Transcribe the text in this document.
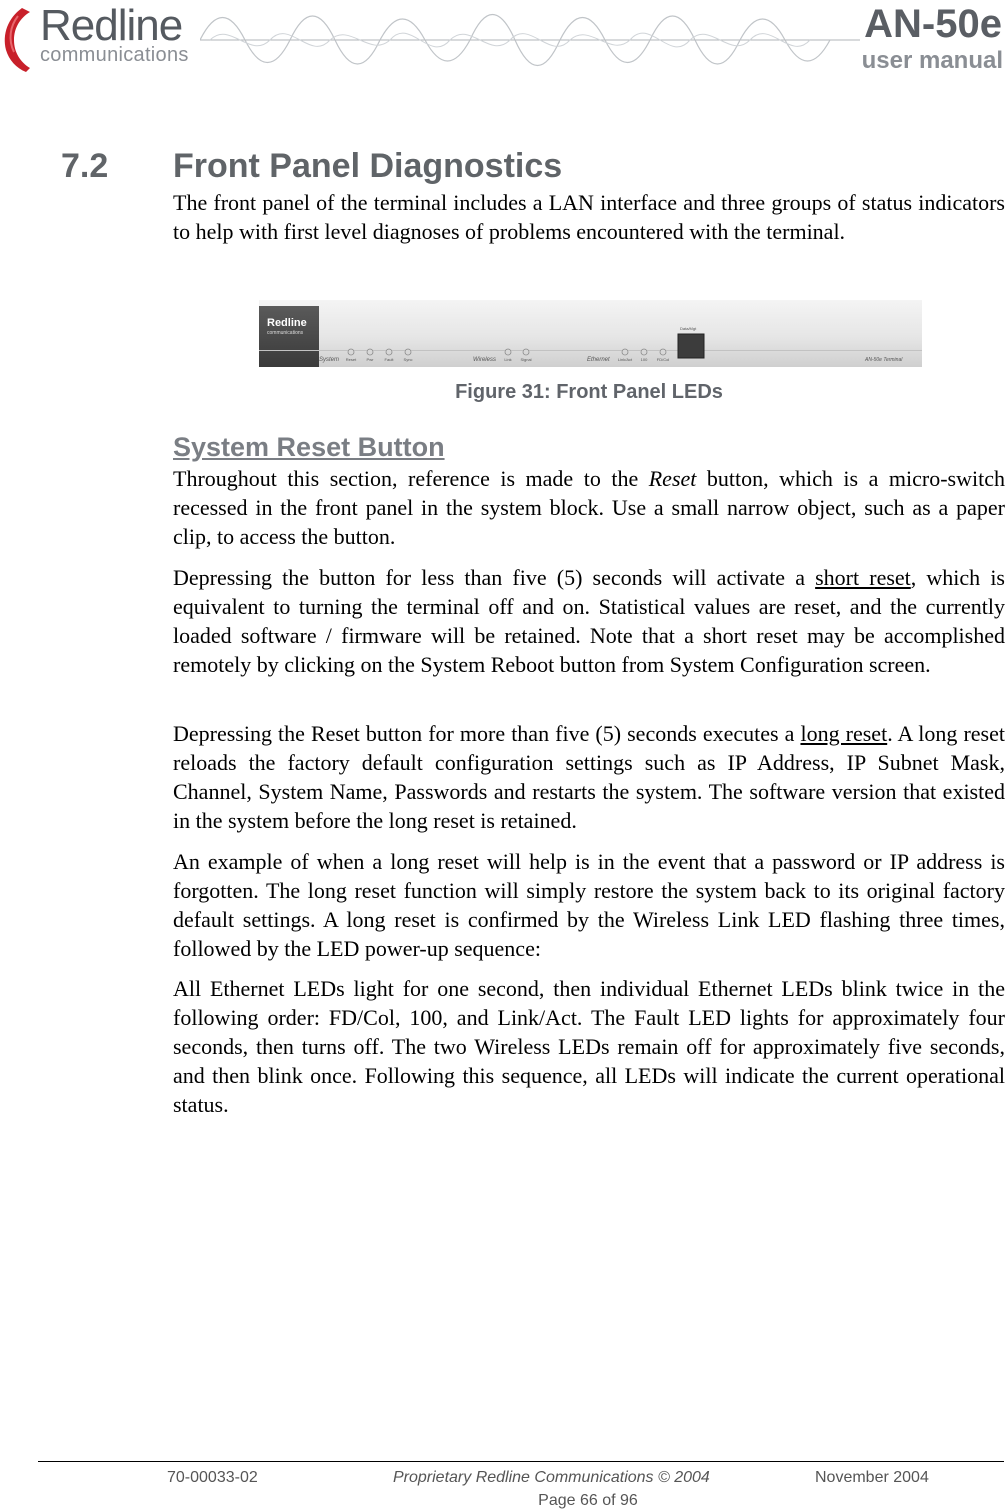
Redline
communications
AN-50e
user manual
7.2 Front Panel Diagnostics
The front panel of the terminal includes a LAN interface and three groups of status indicators to help with first level diagnoses of problems encountered with the terminal.
Redline
communications
System	Wireless	Ethernet
Data/Mgt
AN-50e Terminal
Reset	Pwr	Fault	Sync	Link Signal	Link/Act 100 FD/Col
Figure 31: Front Panel LEDs
System Reset Button

Throughout this section, reference is made to the Reset button, which is a micro-switch recessed in the front panel in the system block. Use a small narrow object, such as a paper clip, to access the button.

Depressing the button for less than five (5) seconds will activate a short reset, which is equivalent to turning the terminal off and on. Statistical values are reset, and the currently loaded software / firmware will be retained. Note that a short reset may be accomplished remotely by clicking on the System Reboot button from System Configuration screen.

Depressing the Reset button for more than five (5) seconds executes a long reset. A long reset reloads the factory default configuration settings such as IP Address, IP Subnet Mask, Channel, System Name, Passwords and restarts the system. The software version that existed in the system before the long reset is retained.

An example of when a long reset will help is in the event that a password or IP address is forgotten. The long reset function will simply restore the system back to its original factory default settings. A long reset is confirmed by the Wireless Link LED flashing three times, followed by the LED power-up sequence:
All Ethernet LEDs light for one second, then individual Ethernet LEDs blink twice in the following order: FD/Col, 100, and Link/Act. The Fault LED lights for approximately four seconds, then turns off. The two Wireless LEDs remain off for approximately five seconds, and then blink once. Following this sequence, all LEDs will indicate the current operational status.
70-00033-02	Proprietary Redline Communications © 2004	November 2004
Page 66 of 96
